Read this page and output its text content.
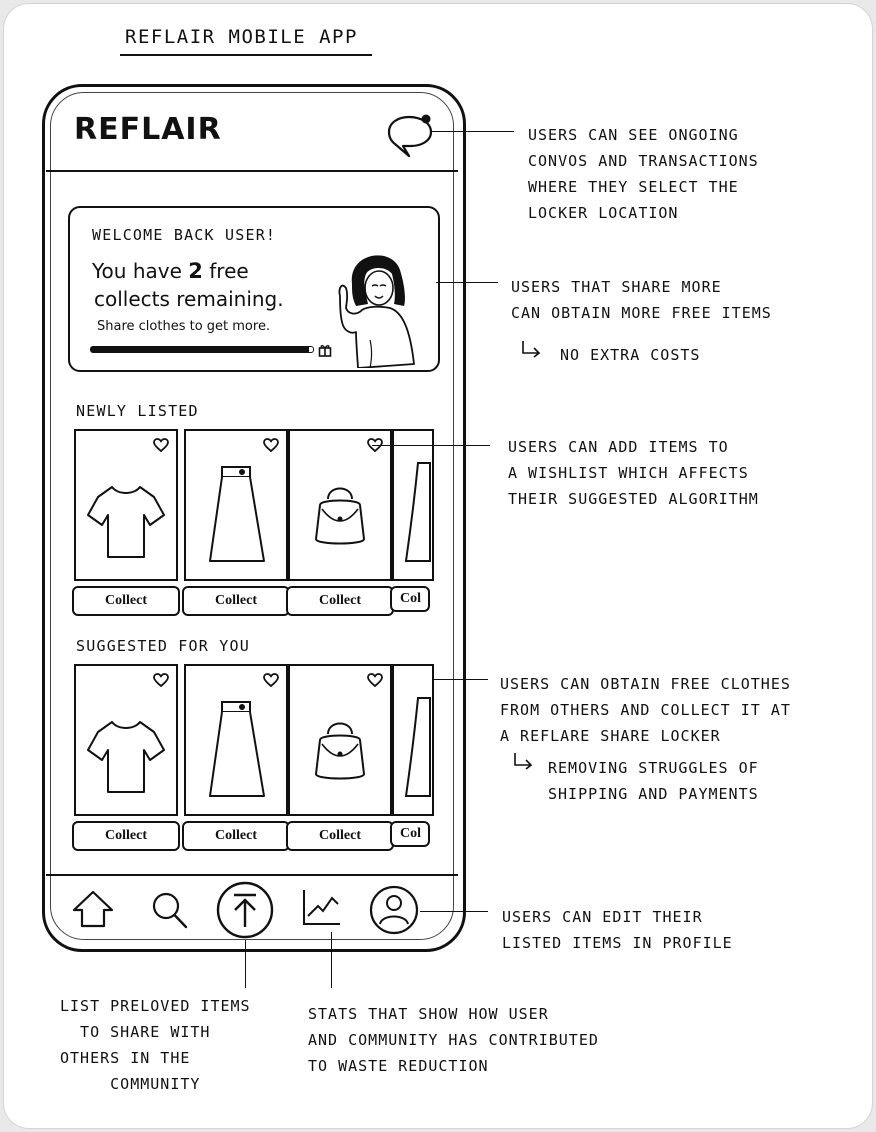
REFLAIR MOBILE APP
REFLAIR
WELCOME BACK USER!
You have 2 free
collects remaining.
Share clothes to get more.
NEWLY LISTED
SUGGESTED FOR YOU
Collect	Collect	Collect	Col
Collect	Collect	Collect	Col
USERS CAN SEE ONGOING
CONVOS AND TRANSACTIONS
WHERE THEY SELECT THE
LOCKER LOCATION
USERS THAT SHARE MORE
CAN OBTAIN MORE FREE ITEMS
NO EXTRA COSTS
USERS CAN ADD ITEMS TO
A WISHLIST WHICH AFFECTS
THEIR SUGGESTED ALGORITHM
USERS CAN OBTAIN FREE CLOTHES
FROM OTHERS AND COLLECT IT AT
A REFLARE SHARE LOCKER
REMOVING STRUGGLES OF
SHIPPING AND PAYMENTS
USERS CAN EDIT THEIR
LISTED ITEMS IN PROFILE
LIST PRELOVED ITEMS
TO SHARE WITH
OTHERS IN THE
COMMUNITY
STATS THAT SHOW HOW USER
AND COMMUNITY HAS CONTRIBUTED
TO WASTE REDUCTION
